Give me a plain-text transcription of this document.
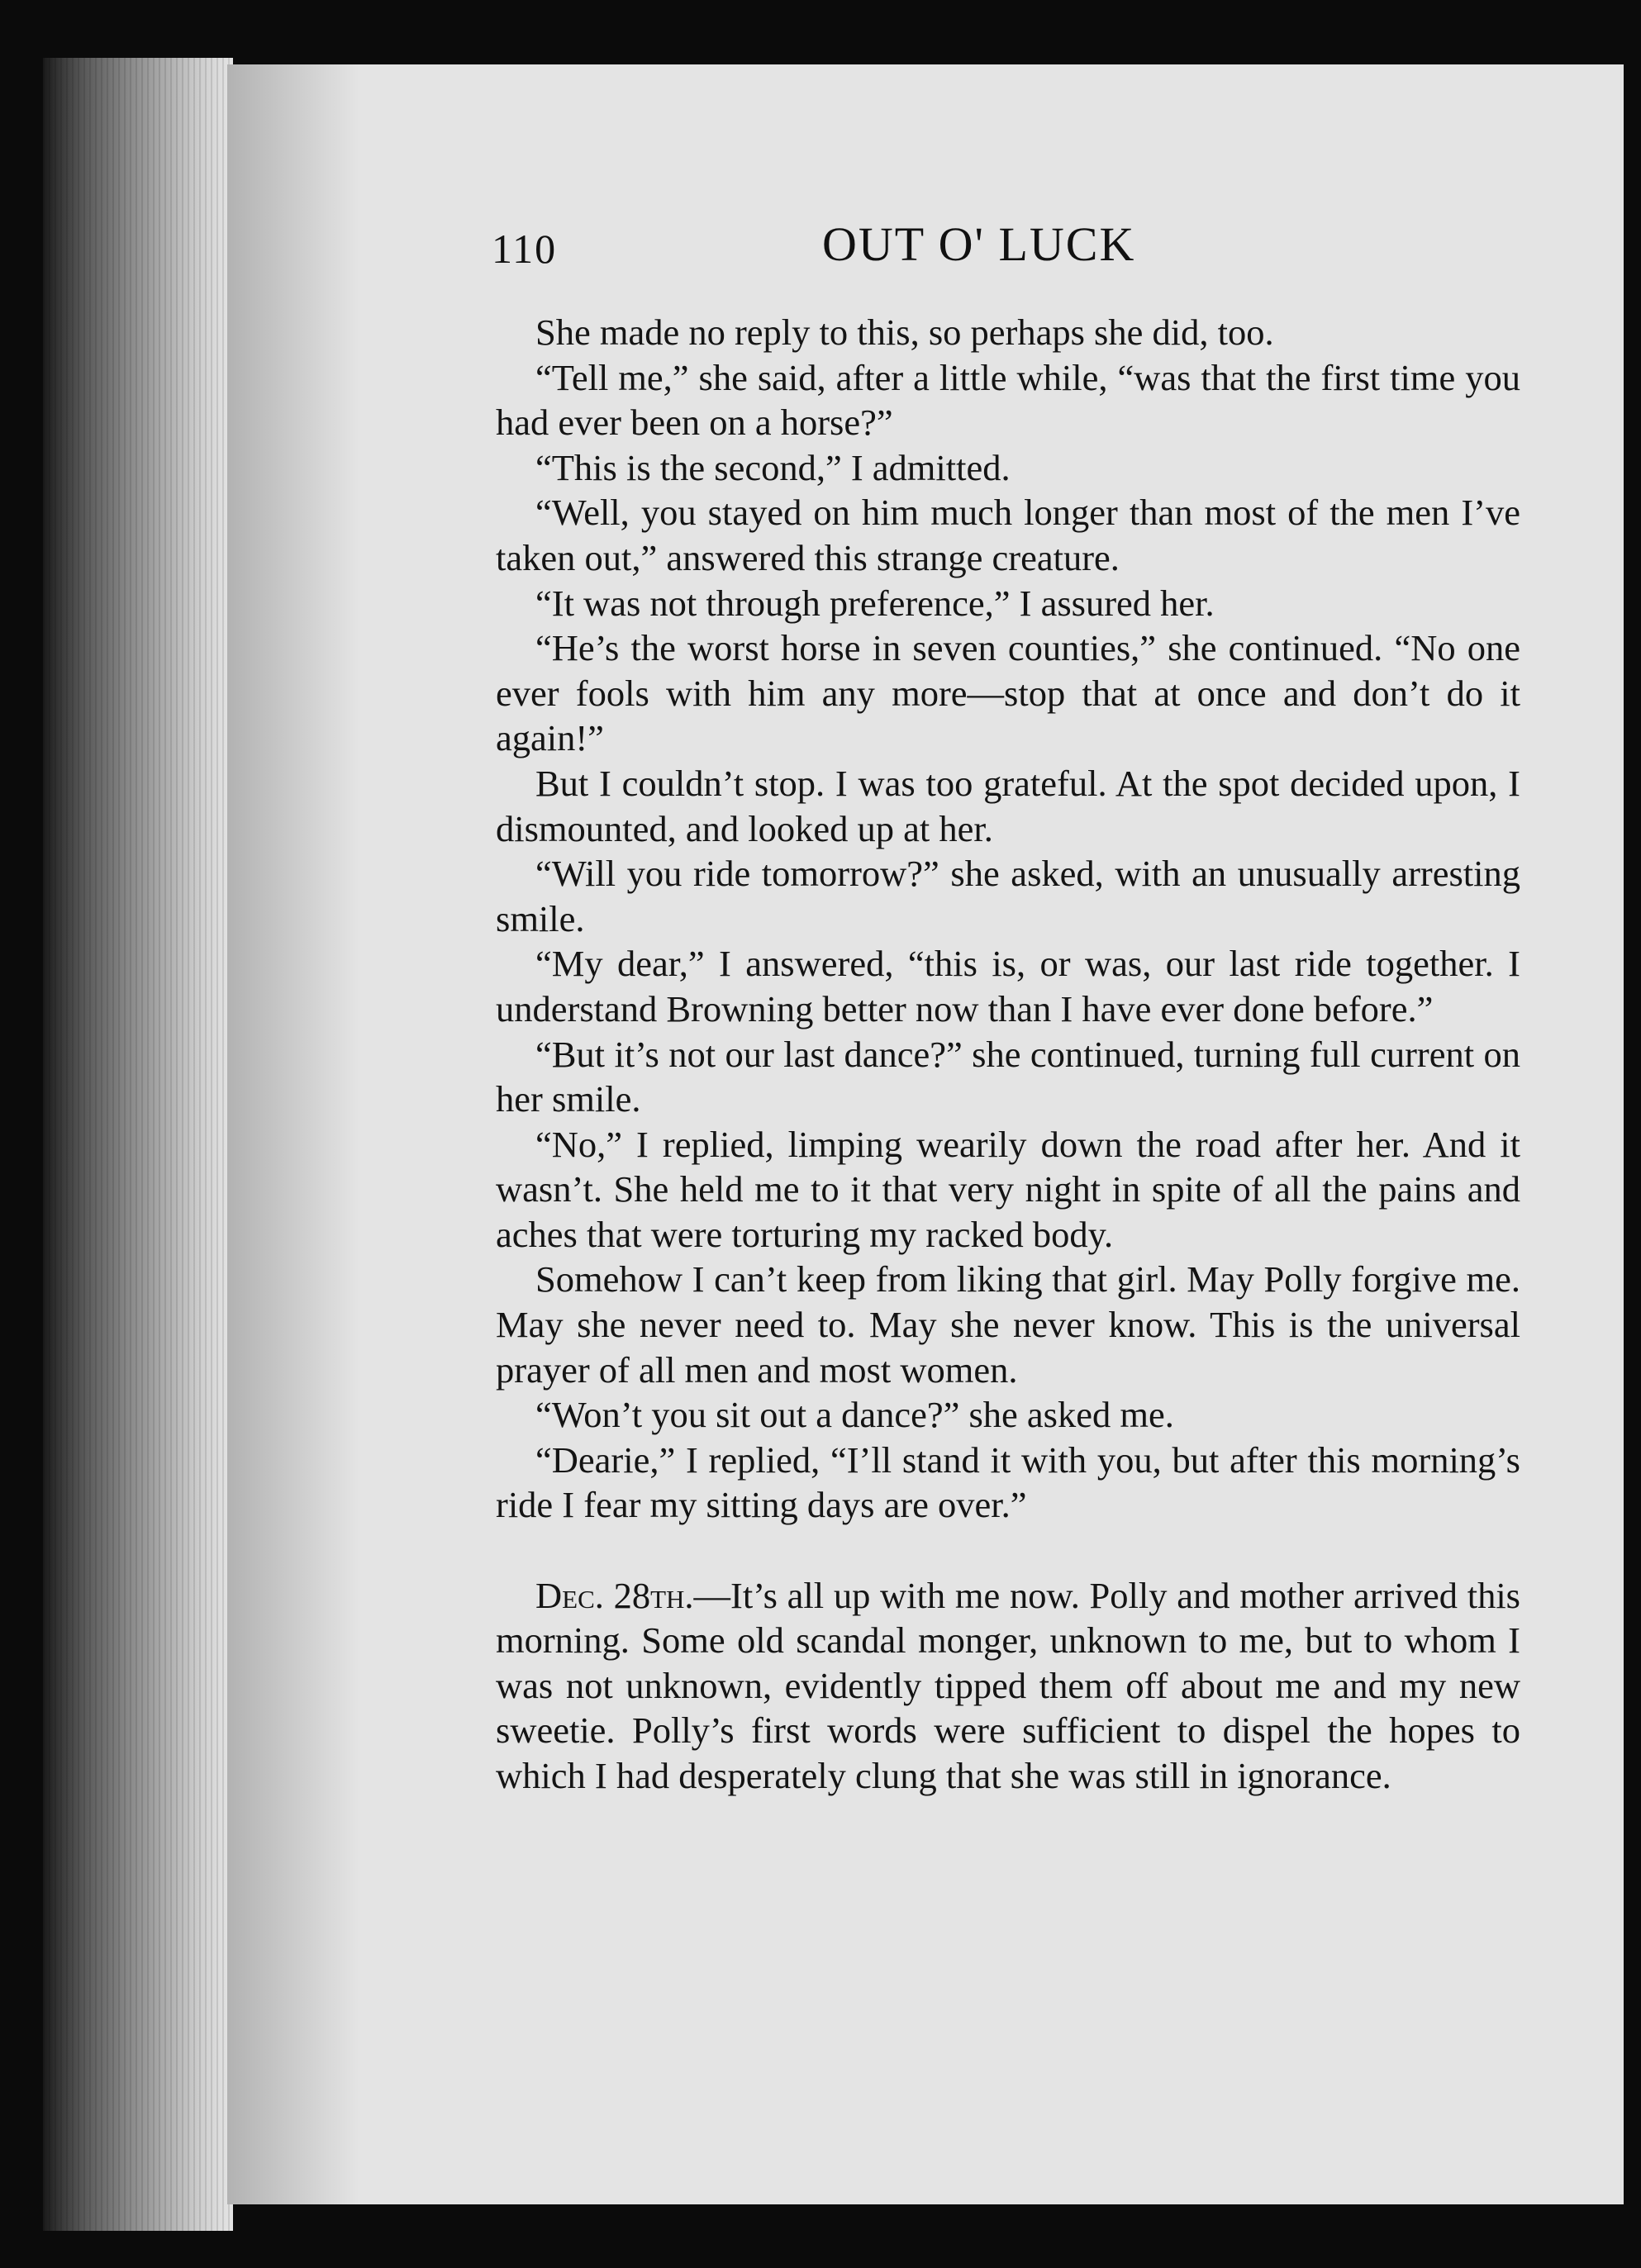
110	OUT O' LUCK

She made no reply to this, so perhaps she did, too.

“Tell me,” she said, after a little while, “was that the first time you had ever been on a horse?”

“This is the second,” I admitted.

“Well, you stayed on him much longer than most of the men I’ve taken out,” answered this strange creature.

“It was not through preference,” I assured her.

“He’s the worst horse in seven counties,” she continued. “No one ever fools with him any more—stop that at once and don’t do it again!”

But I couldn’t stop. I was too grateful. At the spot decided upon, I dismounted, and looked up at her.

“Will you ride tomorrow?” she asked, with an unusually arresting smile.

“My dear,” I answered, “this is, or was, our last ride together. I understand Browning better now than I have ever done before.”

“But it’s not our last dance?” she continued, turning full current on her smile.

“No,” I replied, limping wearily down the road after her. And it wasn’t. She held me to it that very night in spite of all the pains and aches that were torturing my racked body.

Somehow I can’t keep from liking that girl. May Polly forgive me. May she never need to. May she never know. This is the universal prayer of all men and most women.

“Won’t you sit out a dance?” she asked me.

“Dearie,” I replied, “I’ll stand it with you, but after this morning’s ride I fear my sitting days are over.”

Dec. 28th.—It’s all up with me now. Polly and mother arrived this morning. Some old scandal monger, unknown to me, but to whom I was not unknown, evidently tipped them off about me and my new sweetie. Polly’s first words were sufficient to dispel the hopes to which I had desperately clung that she was still in ignorance.
